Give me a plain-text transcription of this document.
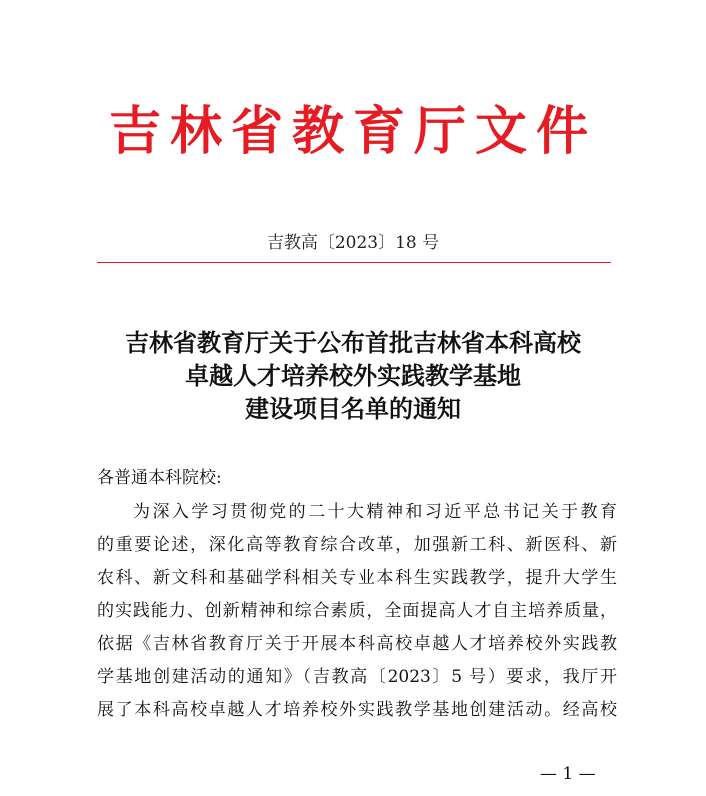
吉林省教育厅文件
吉教高〔2023〕18 号
吉林省教育厅关于公布首批吉林省本科高校
卓越人才培养校外实践教学基地
建设项目名单的通知
各普通本科院校:
为深入学习贯彻党的二十大精神和习近平总书记关于教育
的重要论述，深化高等教育综合改革，加强新工科、新医科、新
农科、新文科和基础学科相关专业本科生实践教学，提升大学生
的实践能力、创新精神和综合素质，全面提高人才自主培养质量，
依据《吉林省教育厅关于开展本科高校卓越人才培养校外实践教
学基地创建活动的通知》（吉教高〔2023〕5 号）要求，我厅开
展了本科高校卓越人才培养校外实践教学基地创建活动。经高校
— 1 —
